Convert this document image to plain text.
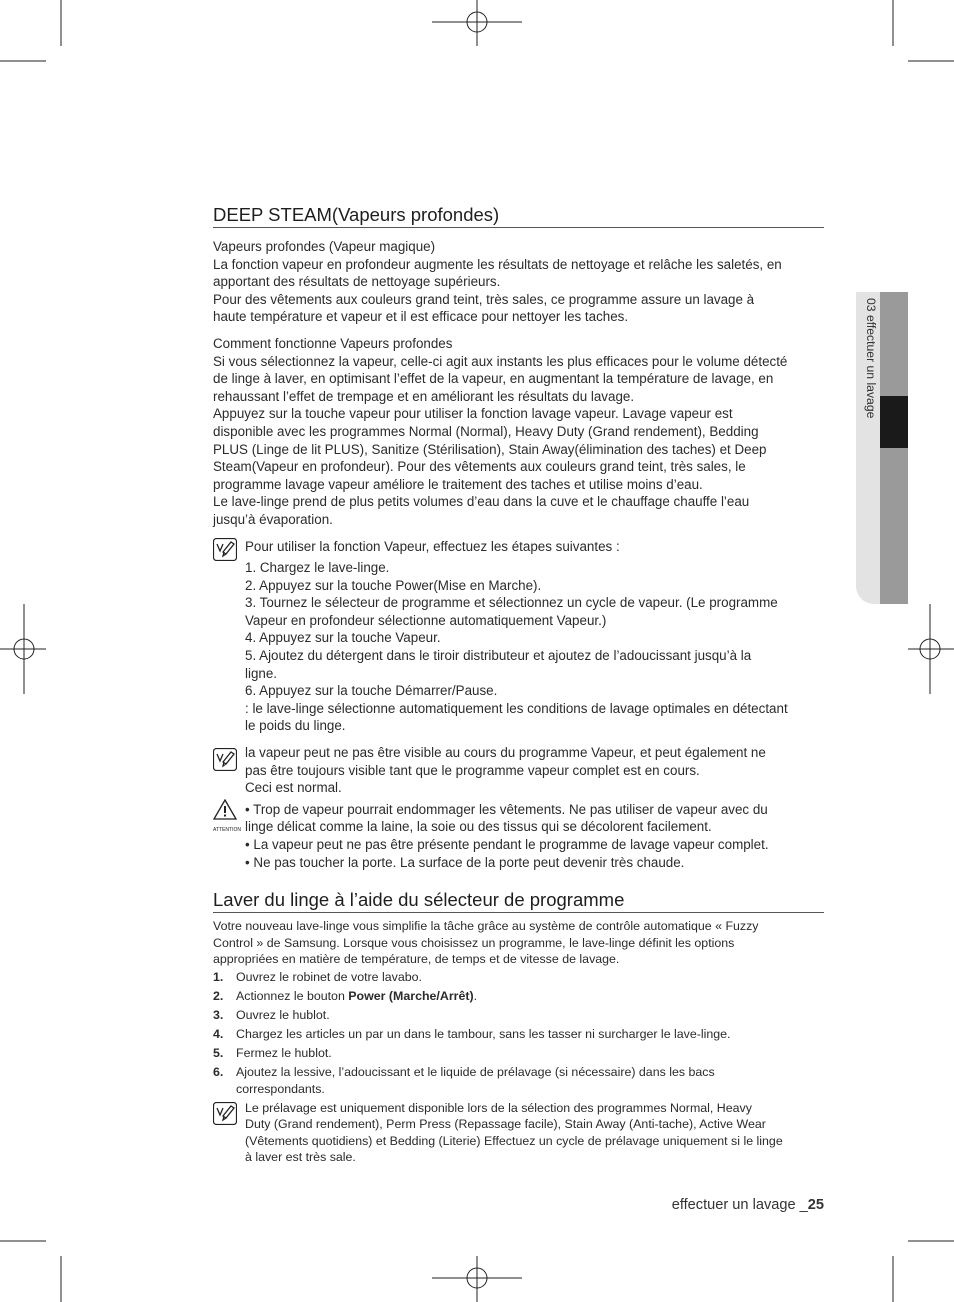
03 effectuer un lavage
DEEP STEAM(Vapeurs profondes)

Vapeurs profondes (Vapeur magique)

La fonction vapeur en profondeur augmente les résultats de nettoyage et relâche les saletés, en

apportant des résultats de nettoyage supérieurs.

Pour des vêtements aux couleurs grand teint, très sales, ce programme assure un lavage à

haute température et vapeur et il est efficace pour nettoyer les taches.

Comment fonctionne Vapeurs profondes

Si vous sélectionnez la vapeur, celle-ci agit aux instants les plus efficaces pour le volume détecté

de linge à laver, en optimisant l’effet de la vapeur, en augmentant la température de lavage, en

rehaussant l’effet de trempage et en améliorant les résultats du lavage.

Appuyez sur la touche vapeur pour utiliser la fonction lavage vapeur. Lavage vapeur est

disponible avec les programmes Normal (Normal), Heavy Duty (Grand rendement), Bedding

PLUS (Linge de lit PLUS), Sanitize (Stérilisation), Stain Away(élimination des taches) et Deep

Steam(Vapeur en profondeur). Pour des vêtements aux couleurs grand teint, très sales, le

programme lavage vapeur améliore le traitement des taches et utilise moins d’eau.

Le lave-linge prend de plus petits volumes d’eau dans la cuve et le chauffage chauffe l’eau

jusqu’à évaporation.

Pour utiliser la fonction Vapeur, effectuez les étapes suivantes :

1. Chargez le lave-linge.

2. Appuyez sur la touche Power(Mise en Marche).

3. Tournez le sélecteur de programme et sélectionnez un cycle de vapeur. (Le programme

Vapeur en profondeur sélectionne automatiquement Vapeur.)

4. Appuyez sur la touche Vapeur.

5. Ajoutez du détergent dans le tiroir distributeur et ajoutez de l’adoucissant jusqu’à la

ligne.

6. Appuyez sur la touche Démarrer/Pause.

: le lave-linge sélectionne automatiquement les conditions de lavage optimales en détectant

le poids du linge.

la vapeur peut ne pas être visible au cours du programme Vapeur, et peut également ne

pas être toujours visible tant que le programme vapeur complet est en cours.

Ceci est normal.

ATTENTION

• Trop de vapeur pourrait endommager les vêtements. Ne pas utiliser de vapeur avec du

linge délicat comme la laine, la soie ou des tissus qui se décolorent facilement.

• La vapeur peut ne pas être présente pendant le programme de lavage vapeur complet.

• Ne pas toucher la porte. La surface de la porte peut devenir très chaude.

Laver du linge à l’aide du sélecteur de programme

Votre nouveau lave-linge vous simplifie la tâche grâce au système de contrôle automatique « Fuzzy

Control » de Samsung. Lorsque vous choisissez un programme, le lave-linge définit les options

appropriées en matière de température, de temps et de vitesse de lavage.

1. Ouvrez le robinet de votre lavabo.
2. Actionnez le bouton Power (Marche/Arrêt).
3. Ouvrez le hublot.
4. Chargez les articles un par un dans le tambour, sans les tasser ni surcharger le lave-linge.
5. Fermez le hublot.
6. Ajoutez la lessive, l’adoucissant et le liquide de prélavage (si nécessaire) dans les bacs
correspondants.

Le prélavage est uniquement disponible lors de la sélection des programmes Normal, Heavy

Duty (Grand rendement), Perm Press (Repassage facile), Stain Away (Anti-tache), Active Wear

(Vêtements quotidiens) et Bedding (Literie) Effectuez un cycle de prélavage uniquement si le linge

à laver est très sale.

effectuer un lavage _25
